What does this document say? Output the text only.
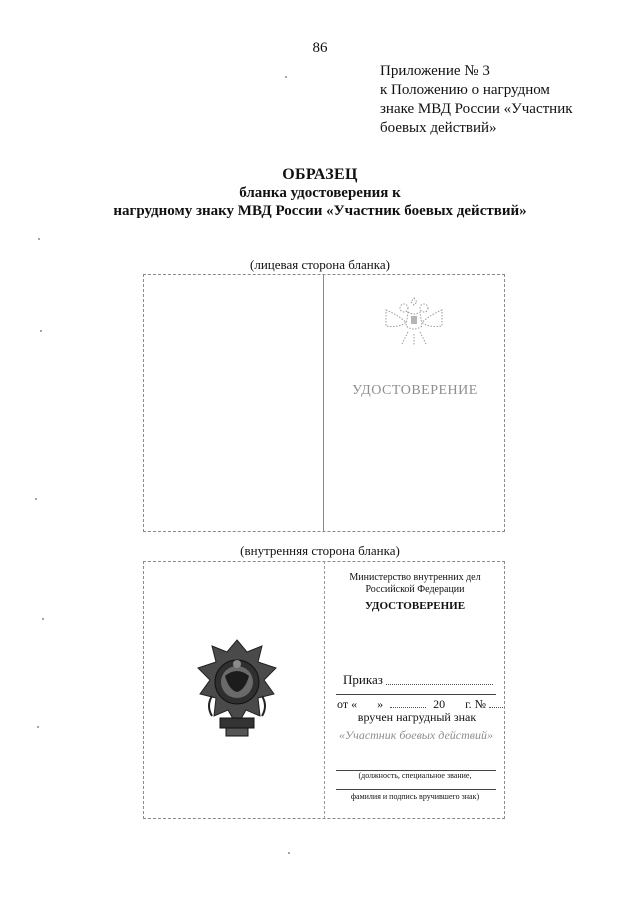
86
Приложение № 3
к Положению о нагрудном
знаке МВД России «Участник
боевых действий»
ОБРАЗЕЦ
бланка удостоверения к
нагрудному знаку МВД России «Участник боевых действий»
(лицевая сторона бланка)
УДОСТОВЕРЕНИЕ
(внутренняя сторона бланка)
Министерство внутренних дел
Российской Федерации
УДОСТОВЕРЕНИЕ
Приказ
от « »	20 г. №
вручен нагрудный знак
«Участник боевых действий»
(должность, специальное звание,
фамилия и подпись вручившего знак)
